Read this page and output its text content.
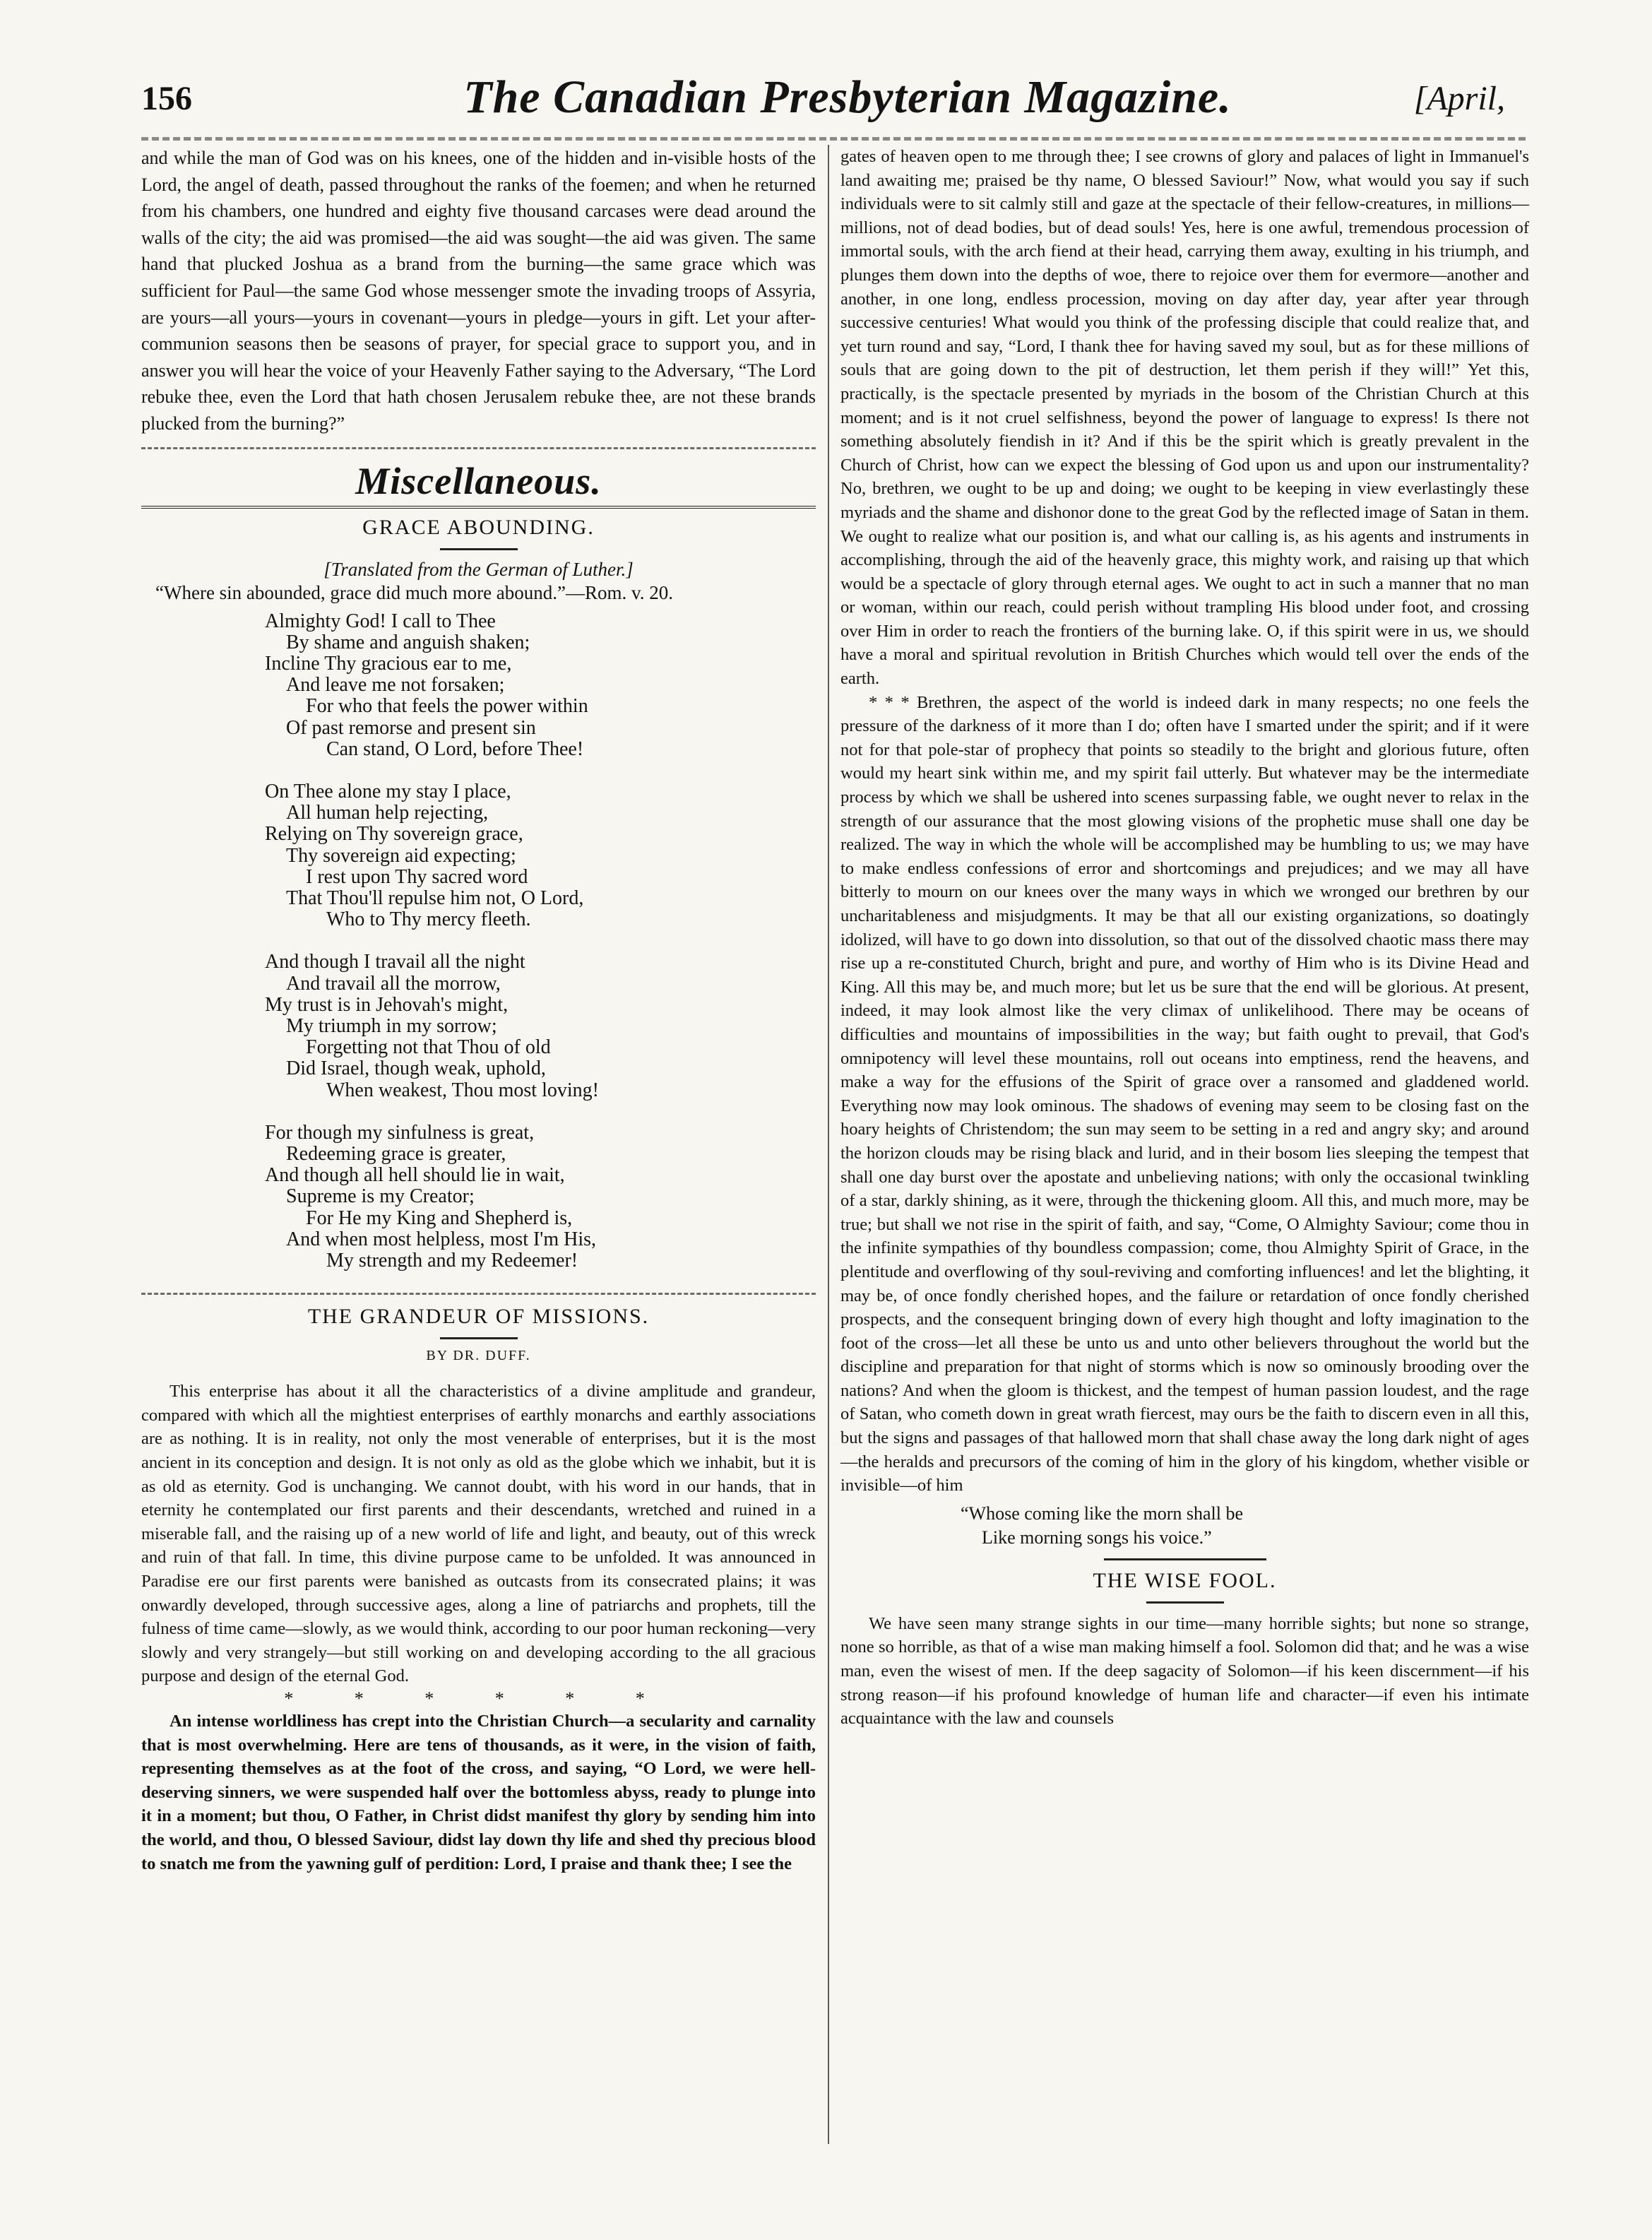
156	The Canadian Presbyterian Magazine.	[April,

and while the man of God was on his knees, one of the hidden and in-visible hosts of the Lord, the angel of death, passed throughout the ranks of the foemen; and when he returned from his chambers, one hundred and eighty five thousand carcases were dead around the walls of the city; the aid was promised—the aid was sought—the aid was given. The same hand that plucked Joshua as a brand from the burning—the same grace which was sufficient for Paul—the same God whose messenger smote the invading troops of Assyria, are yours—all yours—yours in covenant—yours in pledge—yours in gift. Let your after-communion seasons then be seasons of prayer, for special grace to support you, and in answer you will hear the voice of your Heavenly Father saying to the Adversary, “The Lord rebuke thee, even the Lord that hath chosen Jerusalem rebuke thee, are not these brands plucked from the burning?”

Miscellaneous.
GRACE ABOUNDING.
[Translated from the German of Luther.]
“Where sin abounded, grace did much more abound.”—Rom. v. 20.
Almighty God! I call to Thee
By shame and anguish shaken;
Incline Thy gracious ear to me,
And leave me not forsaken;
For who that feels the power within
Of past remorse and present sin
Can stand, O Lord, before Thee!
On Thee alone my stay I place,
All human help rejecting,
Relying on Thy sovereign grace,
Thy sovereign aid expecting;
I rest upon Thy sacred word
That Thou'll repulse him not, O Lord,
Who to Thy mercy fleeth.
And though I travail all the night
And travail all the morrow,
My trust is in Jehovah's might,
My triumph in my sorrow;
Forgetting not that Thou of old
Did Israel, though weak, uphold,
When weakest, Thou most loving!
For though my sinfulness is great,
Redeeming grace is greater,
And though all hell should lie in wait,
Supreme is my Creator;
For He my King and Shepherd is,
And when most helpless, most I'm His,
My strength and my Redeemer!
THE GRANDEUR OF MISSIONS.
BY DR. DUFF.

This enterprise has about it all the characteristics of a divine amplitude and grandeur, compared with which all the mightiest enterprises of earthly monarchs and earthly associations are as nothing. It is in reality, not only the most venerable of enterprises, but it is the most ancient in its conception and design. It is not only as old as the globe which we inhabit, but it is as old as eternity. God is unchanging. We cannot doubt, with his word in our hands, that in eternity he contemplated our first parents and their descendants, wretched and ruined in a miserable fall, and the raising up of a new world of life and light, and beauty, out of this wreck and ruin of that fall. In time, this divine purpose came to be unfolded. It was announced in Paradise ere our first parents were banished as outcasts from its consecrated plains; it was onwardly developed, through successive ages, along a line of patriarchs and prophets, till the fulness of time came—slowly, as we would think, according to our poor human reckoning—very slowly and very strangely—but still working on and developing according to the all gracious purpose and design of the eternal God.

* * * * * *

An intense worldliness has crept into the Christian Church—a secularity and carnality that is most overwhelming. Here are tens of thousands, as it were, in the vision of faith, representing themselves as at the foot of the cross, and saying, “O Lord, we were hell-deserving sinners, we were suspended half over the bottomless abyss, ready to plunge into it in a moment; but thou, O Father, in Christ didst manifest thy glory by sending him into the world, and thou, O blessed Saviour, didst lay down thy life and shed thy precious blood to snatch me from the yawning gulf of perdition: Lord, I praise and thank thee; I see the

gates of heaven open to me through thee; I see crowns of glory and palaces of light in Immanuel's land awaiting me; praised be thy name, O blessed Saviour!” Now, what would you say if such individuals were to sit calmly still and gaze at the spectacle of their fellow-creatures, in millions—millions, not of dead bodies, but of dead souls! Yes, here is one awful, tremendous procession of immortal souls, with the arch fiend at their head, carrying them away, exulting in his triumph, and plunges them down into the depths of woe, there to rejoice over them for evermore—another and another, in one long, endless procession, moving on day after day, year after year through successive centuries! What would you think of the professing disciple that could realize that, and yet turn round and say, “Lord, I thank thee for having saved my soul, but as for these millions of souls that are going down to the pit of destruction, let them perish if they will!” Yet this, practically, is the spectacle presented by myriads in the bosom of the Christian Church at this moment; and is it not cruel selfishness, beyond the power of language to express! Is there not something absolutely fiendish in it? And if this be the spirit which is greatly prevalent in the Church of Christ, how can we expect the blessing of God upon us and upon our instrumentality? No, brethren, we ought to be up and doing; we ought to be keeping in view everlastingly these myriads and the shame and dishonor done to the great God by the reflected image of Satan in them. We ought to realize what our position is, and what our calling is, as his agents and instruments in accomplishing, through the aid of the heavenly grace, this mighty work, and raising up that which would be a spectacle of glory through eternal ages. We ought to act in such a manner that no man or woman, within our reach, could perish without trampling His blood under foot, and crossing over Him in order to reach the frontiers of the burning lake. O, if this spirit were in us, we should have a moral and spiritual revolution in British Churches which would tell over the ends of the earth.

* * * Brethren, the aspect of the world is indeed dark in many respects; no one feels the pressure of the darkness of it more than I do; often have I smarted under the spirit; and if it were not for that pole-star of prophecy that points so steadily to the bright and glorious future, often would my heart sink within me, and my spirit fail utterly. But whatever may be the intermediate process by which we shall be ushered into scenes surpassing fable, we ought never to relax in the strength of our assurance that the most glowing visions of the prophetic muse shall one day be realized. The way in which the whole will be accomplished may be humbling to us; we may have to make endless confessions of error and shortcomings and prejudices; and we may all have bitterly to mourn on our knees over the many ways in which we wronged our brethren by our uncharitableness and misjudgments. It may be that all our existing organizations, so doatingly idolized, will have to go down into dissolution, so that out of the dissolved chaotic mass there may rise up a re-constituted Church, bright and pure, and worthy of Him who is its Divine Head and King. All this may be, and much more; but let us be sure that the end will be glorious. At present, indeed, it may look almost like the very climax of unlikelihood. There may be oceans of difficulties and mountains of impossibilities in the way; but faith ought to prevail, that God's omnipotency will level these mountains, roll out oceans into emptiness, rend the heavens, and make a way for the effusions of the Spirit of grace over a ransomed and gladdened world. Everything now may look ominous. The shadows of evening may seem to be closing fast on the hoary heights of Christendom; the sun may seem to be setting in a red and angry sky; and around the horizon clouds may be rising black and lurid, and in their bosom lies sleeping the tempest that shall one day burst over the apostate and unbelieving nations; with only the occasional twinkling of a star, darkly shining, as it were, through the thickening gloom. All this, and much more, may be true; but shall we not rise in the spirit of faith, and say, “Come, O Almighty Saviour; come thou in the infinite sympathies of thy boundless compassion; come, thou Almighty Spirit of Grace, in the plentitude and overflowing of thy soul-reviving and comforting influences! and let the blighting, it may be, of once fondly cherished hopes, and the failure or retardation of once fondly cherished prospects, and the consequent bringing down of every high thought and lofty imagination to the foot of the cross—let all these be unto us and unto other believers throughout the world but the discipline and preparation for that night of storms which is now so ominously brooding over the nations? And when the gloom is thickest, and the tempest of human passion loudest, and the rage of Satan, who cometh down in great wrath fiercest, may ours be the faith to discern even in all this, but the signs and passages of that hallowed morn that shall chase away the long dark night of ages—the heralds and precursors of the coming of him in the glory of his kingdom, whether visible or invisible—of him

“Whose coming like the morn shall be
Like morning songs his voice.”
THE WISE FOOL.

We have seen many strange sights in our time—many horrible sights; but none so strange, none so horrible, as that of a wise man making himself a fool. Solomon did that; and he was a wise man, even the wisest of men. If the deep sagacity of Solomon—if his keen discernment—if his strong reason—if his profound knowledge of human life and character—if even his intimate acquaintance with the law and counsels
